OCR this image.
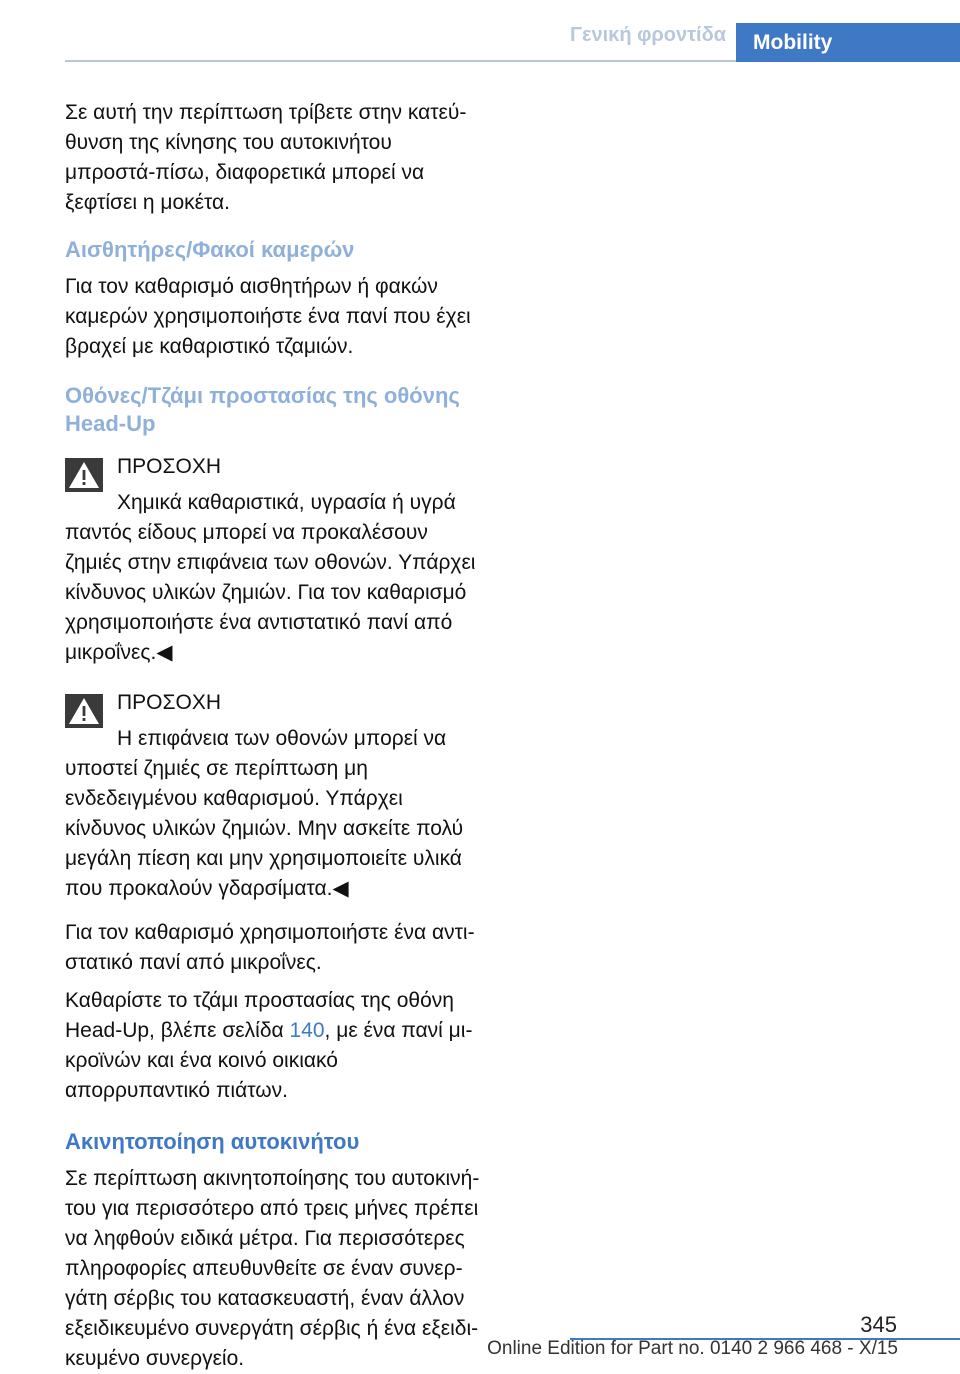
Γενική φροντίδα	Mobility

Σε αυτή την περίπτωση τρίβετε στην κατεύθυνση της κίνησης του αυτοκινήτου μπροστά-πίσω, διαφορετικά μπορεί να ξεφτίσει η μοκέτα.

Αισθητήρες/Φακοί καμερών

Για τον καθαρισμό αισθητήρων ή φακών καμερών χρησιμοποιήστε ένα πανί που έχει βραχεί με καθαριστικό τζαμιών.

Οθόνες/Τζάμι προστασίας της οθόνης
Head-Up

ΠΡΟΣΟΧΗ

Χημικά καθαριστικά, υγρασία ή υγρά παντός είδους μπορεί να προκαλέσουν ζημιές στην επιφάνεια των οθονών. Υπάρχει κίνδυνος υλικών ζημιών. Για τον καθαρισμό χρησιμοποιήστε ένα αντιστατικό πανί από μικροΐνες.◀

ΠΡΟΣΟΧΗ

Η επιφάνεια των οθονών μπορεί να υποστεί ζημιές σε περίπτωση μη ενδεδειγμένου καθαρισμού. Υπάρχει κίνδυνος υλικών ζημιών. Μην ασκείτε πολύ μεγάλη πίεση και μην χρησιμοποιείτε υλικά που προκαλούν γδαρσίματα.◀

Για τον καθαρισμό χρησιμοποιήστε ένα αντιστατικό πανί από μικροΐνες.

Καθαρίστε το τζάμι προστασίας της οθόνη Head-Up, βλέπε σελίδα 140, με ένα πανί μικροϊνών και ένα κοινό οικιακό απορρυπαντικό πιάτων.

Ακινητοποίηση αυτοκινήτου

Σε περίπτωση ακινητοποίησης του αυτοκινήτου για περισσότερο από τρεις μήνες πρέπει να ληφθούν ειδικά μέτρα. Για περισσότερες πληροφορίες απευθυνθείτε σε έναν συνεργάτη σέρβις του κατασκευαστή, έναν άλλον εξειδικευμένο συνεργάτη σέρβις ή ένα εξειδικευμένο συνεργείο.

345
Online Edition for Part no. 0140 2 966 468 - X/15
